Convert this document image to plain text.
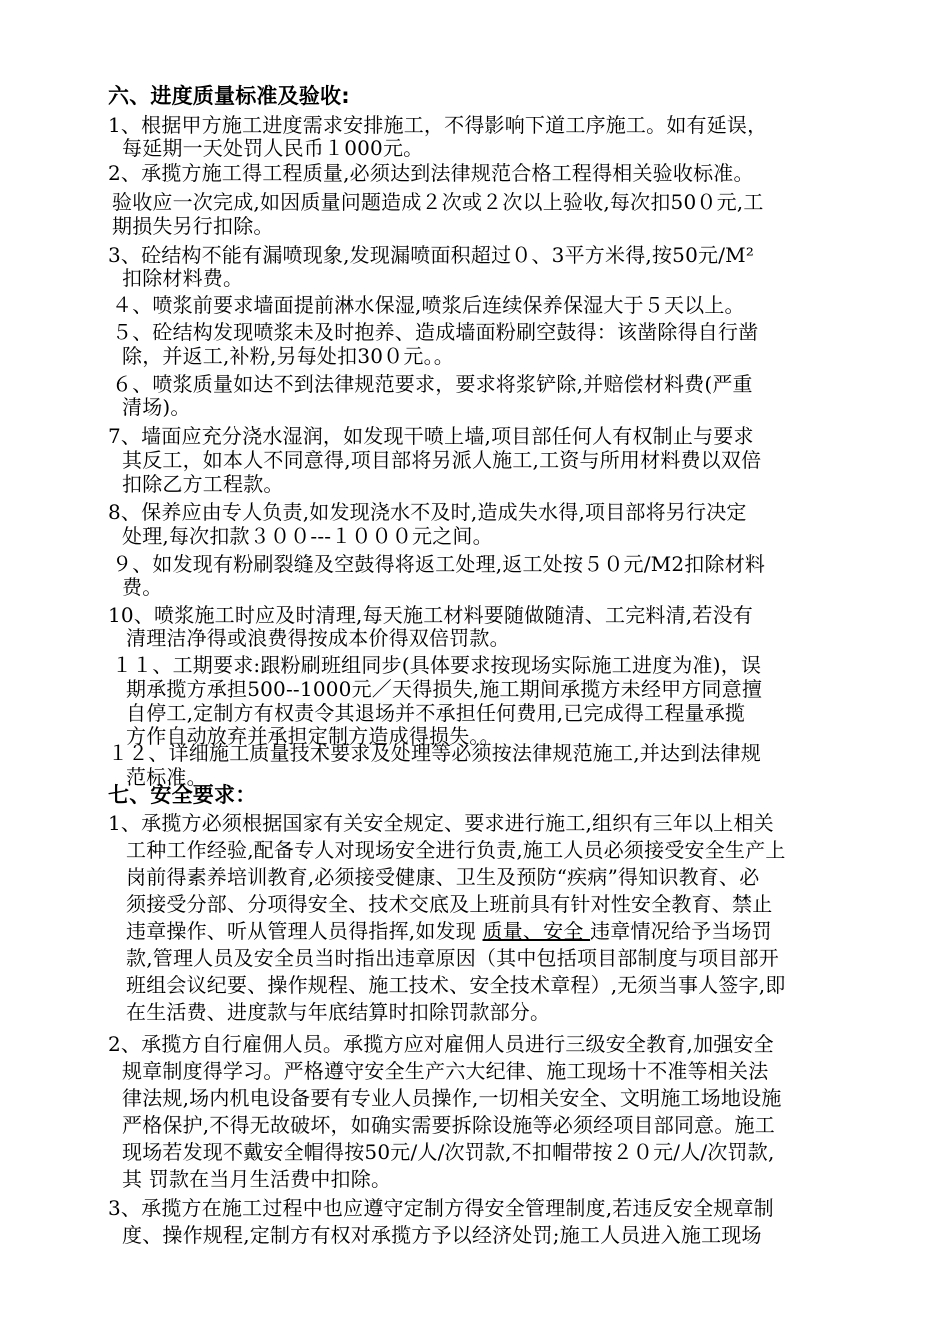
六、进度质量标准及验收:
1、根据甲方施工进度需求安排施工，不得影响下道工序施工。如有延误，
每延期一天处罚人民币１000元。
2、承揽方施工得工程质量,必须达到法律规范合格工程得相关验收标准。
验收应一次完成,如因质量问题造成２次或２次以上验收,每次扣50０元,工
期损失另行扣除。
3、砼结构不能有漏喷现象,发现漏喷面积超过０、3平方米得,按50元/M²
扣除材料费。
４、喷浆前要求墙面提前淋水保湿,喷浆后连续保养保湿大于５天以上。
５、砼结构发现喷浆未及时抱养、造成墙面粉刷空鼓得：该凿除得自行凿
除，并返工,补粉,另每处扣30０元。。
６、喷浆质量如达不到法律规范要求，要求将浆铲除,并赔偿材料费(严重
清场)。
7、墙面应充分浇水湿润，如发现干喷上墙,项目部任何人有权制止与要求
其反工，如本人不同意得,项目部将另派人施工,工资与所用材料费以双倍
扣除乙方工程款。
8、保养应由专人负责,如发现浇水不及时,造成失水得,项目部将另行决定
处理,每次扣款３００---１０００元之间。
９、如发现有粉刷裂缝及空鼓得将返工处理,返工处按５０元/M2扣除材料
费。
10、喷浆施工时应及时清理,每天施工材料要随做随清、工完料清,若没有
清理洁净得或浪费得按成本价得双倍罚款。
１１、工期要求:跟粉刷班组同步(具体要求按现场实际施工进度为准)，误
期承揽方承担500--1000元／天得损失,施工期间承揽方未经甲方同意擅
自停工,定制方有权责令其退场并不承担任何费用,已完成得工程量承揽
方作自动放弃并承担定制方造成得损失。。
１２、详细施工质量技术要求及处理等必须按法律规范施工,并达到法律规
范标准。
七、安全要求：
1、承揽方必须根据国家有关安全规定、要求进行施工,组织有三年以上相关
工种工作经验,配备专人对现场安全进行负责,施工人员必须接受安全生产上
岗前得素养培训教育,必须接受健康、卫生及预防“疾病”得知识教育、必
须接受分部、分项得安全、技术交底及上班前具有针对性安全教育、禁止
违章操作、听从管理人员得指挥,如发现 质量、安全 违章情况给予当场罚
款,管理人员及安全员当时指出违章原因（其中包括项目部制度与项目部开
班组会议纪要、操作规程、施工技术、安全技术章程）,无须当事人签字,即
在生活费、进度款与年底结算时扣除罚款部分。
2、承揽方自行雇佣人员。承揽方应对雇佣人员进行三级安全教育,加强安全
规章制度得学习。严格遵守安全生产六大纪律、施工现场十不准等相关法
律法规,场内机电设备要有专业人员操作,一切相关安全、文明施工场地设施
严格保护,不得无故破坏，如确实需要拆除设施等必须经项目部同意。施工
现场若发现不戴安全帽得按50元/人/次罚款,不扣帽带按２０元/人/次罚款,
其 罚款在当月生活费中扣除。
3、承揽方在施工过程中也应遵守定制方得安全管理制度,若违反安全规章制
度、操作规程,定制方有权对承揽方予以经济处罚;施工人员进入施工现场
